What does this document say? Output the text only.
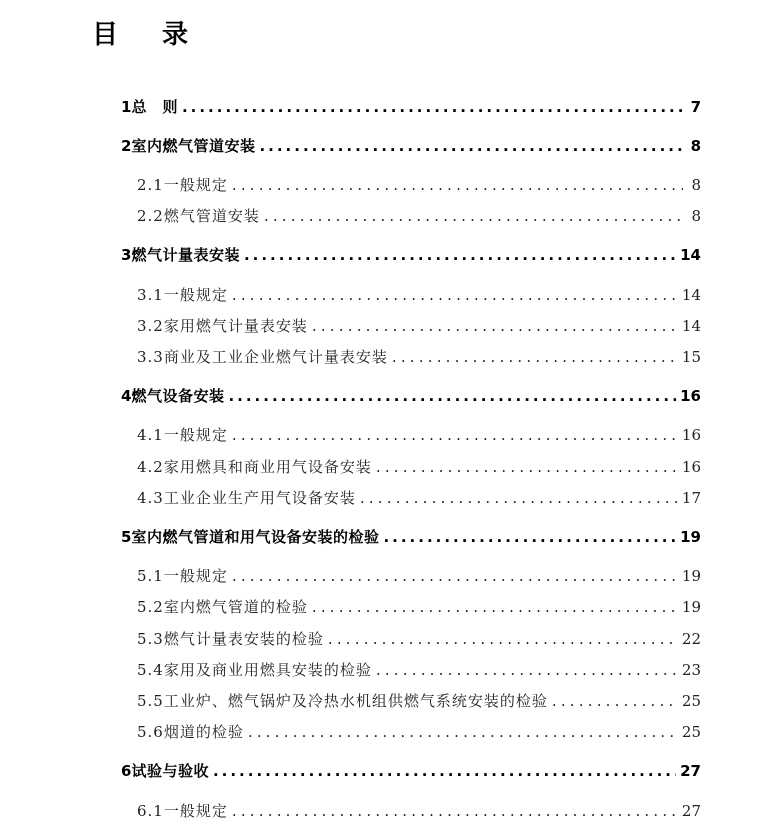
目 录
1 总　则 .....	7
2 室内燃气管道安装 .....	8
2.1 一般规定 .....	8
2.2 燃气管道安装 .....	8
3 燃气计量表安装 .....	14
3.1 一般规定 .....	14
3.2 家用燃气计量表安装 .....	14
3.3 商业及工业企业燃气计量表安装 .....	15
4 燃气设备安装 .....	16
4.1 一般规定 .....	16
4.2 家用燃具和商业用气设备安装 .....	16
4.3 工业企业生产用气设备安装 .....	17
5 室内燃气管道和用气设备安装的检验 .....	19
5.1 一般规定 .....	19
5.2 室内燃气管道的检验 .....	19
5.3 燃气计量表安装的检验 .....	22
5.4 家用及商业用燃具安装的检验 .....	23
5.5 工业炉、燃气锅炉及冷热水机组供燃气系统安装的检验 .....	25
5.6 烟道的检验 .....	25
6 试验与验收 .....	27
6.1 一般规定 .....	27
